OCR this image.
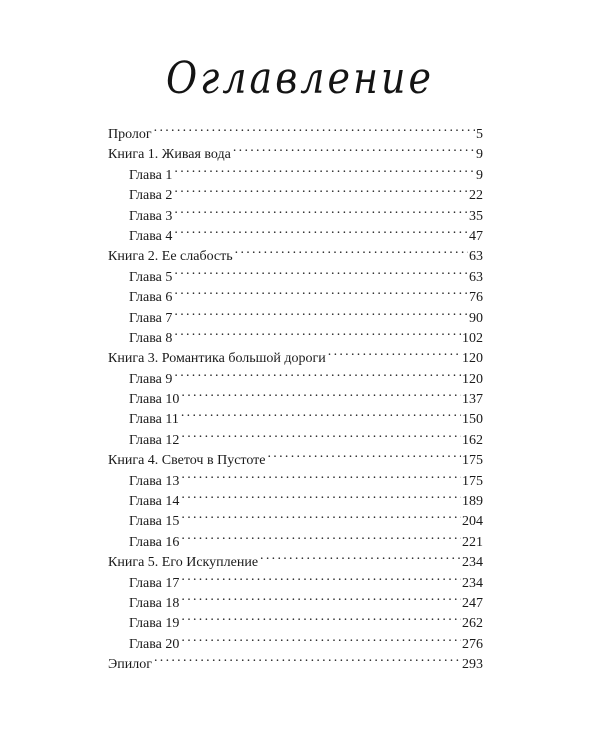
Оглавление
Пролог . . .	5
Книга 1. Живая вода . . .	9
Глава 1 . . .	9
Глава 2 . . .	22
Глава 3 . . .	35
Глава 4 . . .	47
Книга 2. Ее слабость . . .	63
Глава 5 . . .	63
Глава 6 . . .	76
Глава 7 . . .	90
Глава 8 . . .	102
Книга 3. Романтика большой дороги . . .	120
Глава 9 . . .	120
Глава 10 . . .	137
Глава 11 . . .	150
Глава 12 . . .	162
Книга 4. Светоч в Пустоте . . .	175
Глава 13 . . .	175
Глава 14 . . .	189
Глава 15 . . .	204
Глава 16 . . .	221
Книга 5. Его Искупление . . .	234
Глава 17 . . .	234
Глава 18 . . .	247
Глава 19 . . .	262
Глава 20 . . .	276
Эпилог . . .	293
